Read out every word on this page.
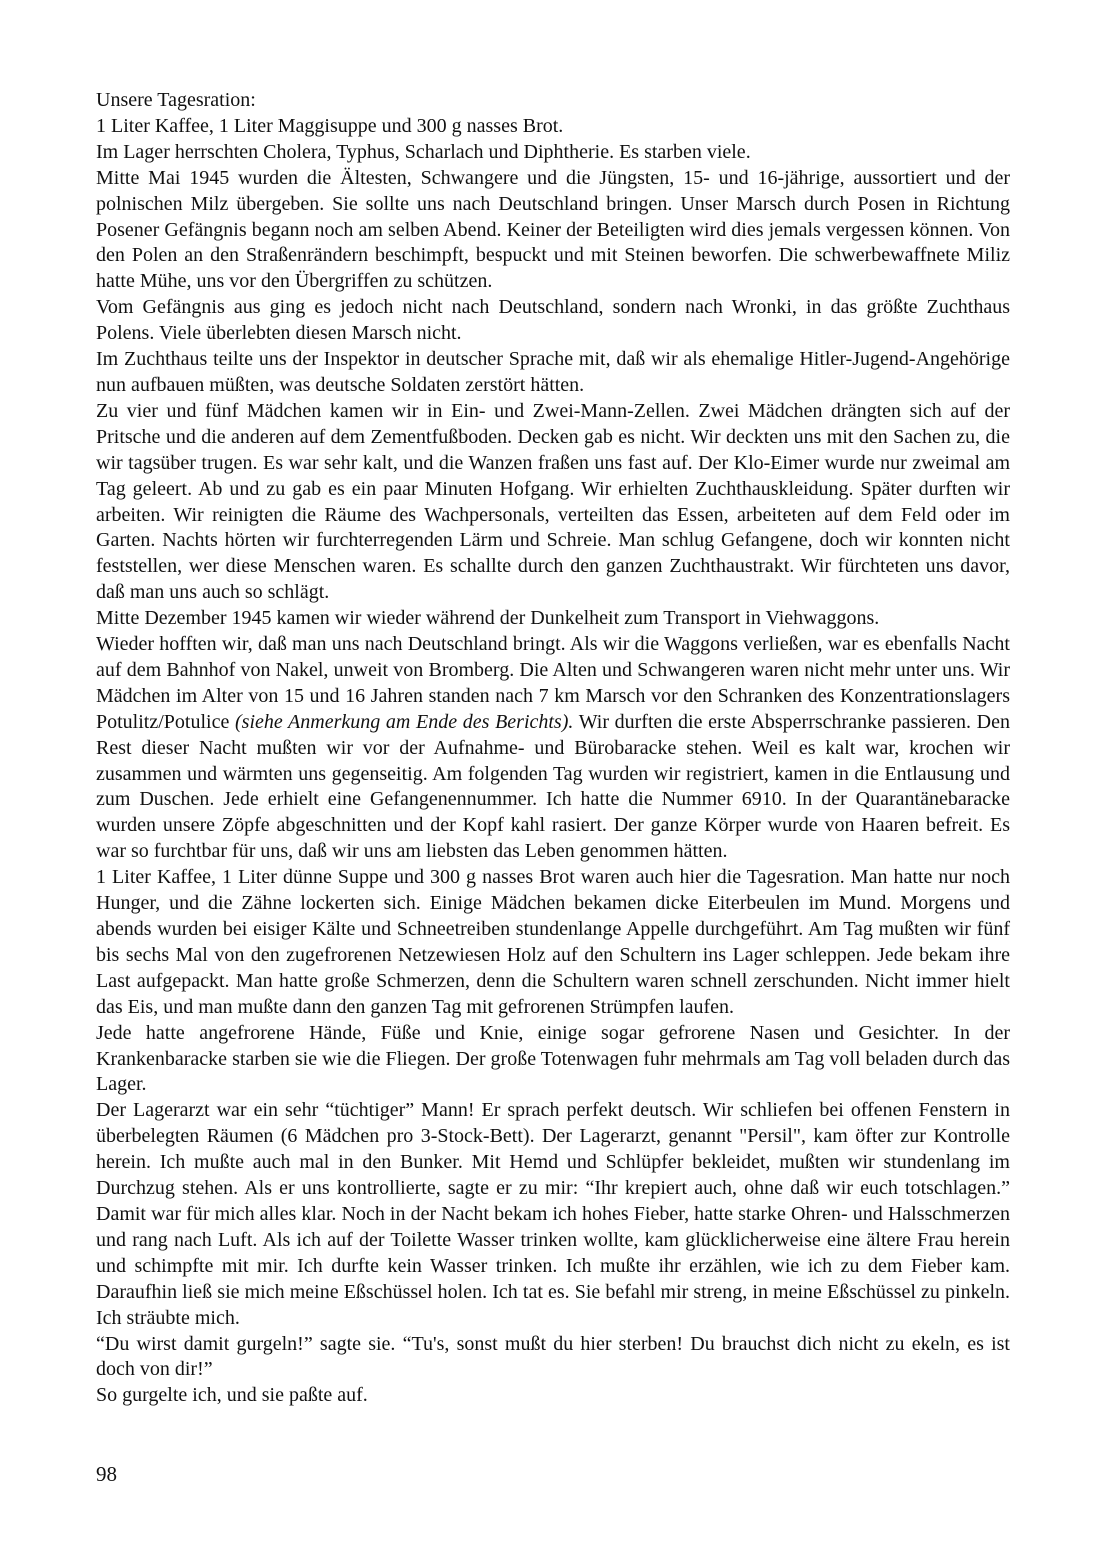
Unsere Tagesration:

1 Liter Kaffee, 1 Liter Maggisuppe und 300 g nasses Brot.

Im Lager herrschten Cholera, Typhus, Scharlach und Diphtherie. Es starben viele.

Mitte Mai 1945 wurden die Ältesten, Schwangere und die Jüngsten, 15- und 16-jährige, aussortiert und der polnischen Milz übergeben. Sie sollte uns nach Deutschland bringen. Unser Marsch durch Posen in Richtung Posener Gefängnis begann noch am selben Abend. Keiner der Beteiligten wird dies jemals vergessen können. Von den Polen an den Straßenrändern beschimpft, bespuckt und mit Steinen beworfen. Die schwerbewaffnete Miliz hatte Mühe, uns vor den Übergriffen zu schützen.

Vom Gefängnis aus ging es jedoch nicht nach Deutschland, sondern nach Wronki, in das größte Zuchthaus Polens. Viele überlebten diesen Marsch nicht.

Im Zuchthaus teilte uns der Inspektor in deutscher Sprache mit, daß wir als ehemalige Hitler-Jugend-Angehörige nun aufbauen müßten, was deutsche Soldaten zerstört hätten.

Zu vier und fünf Mädchen kamen wir in Ein- und Zwei-Mann-Zellen. Zwei Mädchen drängten sich auf der Pritsche und die anderen auf dem Zementfußboden. Decken gab es nicht. Wir deckten uns mit den Sachen zu, die wir tagsüber trugen. Es war sehr kalt, und die Wanzen fraßen uns fast auf. Der Klo-Eimer wurde nur zweimal am Tag geleert. Ab und zu gab es ein paar Minuten Hofgang. Wir erhielten Zuchthauskleidung. Später durften wir arbeiten. Wir reinigten die Räume des Wachpersonals, verteilten das Essen, arbeiteten auf dem Feld oder im Garten. Nachts hörten wir furchterregenden Lärm und Schreie. Man schlug Gefangene, doch wir konnten nicht feststellen, wer diese Menschen waren. Es schallte durch den ganzen Zuchthaustrakt. Wir fürchteten uns davor, daß man uns auch so schlägt.

Mitte Dezember 1945 kamen wir wieder während der Dunkelheit zum Transport in Viehwaggons.

Wieder hofften wir, daß man uns nach Deutschland bringt. Als wir die Waggons verließen, war es ebenfalls Nacht auf dem Bahnhof von Nakel, unweit von Bromberg. Die Alten und Schwangeren waren nicht mehr unter uns. Wir Mädchen im Alter von 15 und 16 Jahren standen nach 7 km Marsch vor den Schranken des Konzentrationslagers Potulitz/Potulice (siehe Anmerkung am Ende des Berichts). Wir durften die erste Absperrschranke passieren. Den Rest dieser Nacht mußten wir vor der Aufnahme- und Bürobaracke stehen. Weil es kalt war, krochen wir zusammen und wärmten uns gegenseitig. Am folgenden Tag wurden wir registriert, kamen in die Entlausung und zum Duschen. Jede erhielt eine Gefangenennummer. Ich hatte die Nummer 6910. In der Quarantänebaracke wurden unsere Zöpfe abgeschnitten und der Kopf kahl rasiert. Der ganze Körper wurde von Haaren befreit. Es war so furchtbar für uns, daß wir uns am liebsten das Leben genommen hätten.

1 Liter Kaffee, 1 Liter dünne Suppe und 300 g nasses Brot waren auch hier die Tagesration. Man hatte nur noch Hunger, und die Zähne lockerten sich. Einige Mädchen bekamen dicke Eiterbeulen im Mund. Morgens und abends wurden bei eisiger Kälte und Schneetreiben stundenlange Appelle durchgeführt. Am Tag mußten wir fünf bis sechs Mal von den zugefrorenen Netzewiesen Holz auf den Schultern ins Lager schleppen. Jede bekam ihre Last aufgepackt. Man hatte große Schmerzen, denn die Schultern waren schnell zerschunden. Nicht immer hielt das Eis, und man mußte dann den ganzen Tag mit gefrorenen Strümpfen laufen.

Jede hatte angefrorene Hände, Füße und Knie, einige sogar gefrorene Nasen und Gesichter. In der Krankenbaracke starben sie wie die Fliegen. Der große Totenwagen fuhr mehrmals am Tag voll beladen durch das Lager.

Der Lagerarzt war ein sehr “tüchtiger” Mann! Er sprach perfekt deutsch. Wir schliefen bei offenen Fenstern in überbelegten Räumen (6 Mädchen pro 3-Stock-Bett). Der Lagerarzt, genannt "Persil", kam öfter zur Kontrolle herein. Ich mußte auch mal in den Bunker. Mit Hemd und Schlüpfer bekleidet, mußten wir stundenlang im Durchzug stehen. Als er uns kontrollierte, sagte er zu mir: “Ihr krepiert auch, ohne daß wir euch totschlagen.” Damit war für mich alles klar. Noch in der Nacht bekam ich hohes Fieber, hatte starke Ohren- und Halsschmerzen und rang nach Luft. Als ich auf der Toilette Wasser trinken wollte, kam glücklicherweise eine ältere Frau herein und schimpfte mit mir. Ich durfte kein Wasser trinken. Ich mußte ihr erzählen, wie ich zu dem Fieber kam. Daraufhin ließ sie mich meine Eßschüssel holen. Ich tat es. Sie befahl mir streng, in meine Eßschüssel zu pinkeln. Ich sträubte mich.

“Du wirst damit gurgeln!” sagte sie. “Tu's, sonst mußt du hier sterben! Du brauchst dich nicht zu ekeln, es ist doch von dir!”

So gurgelte ich, und sie paßte auf.

98
